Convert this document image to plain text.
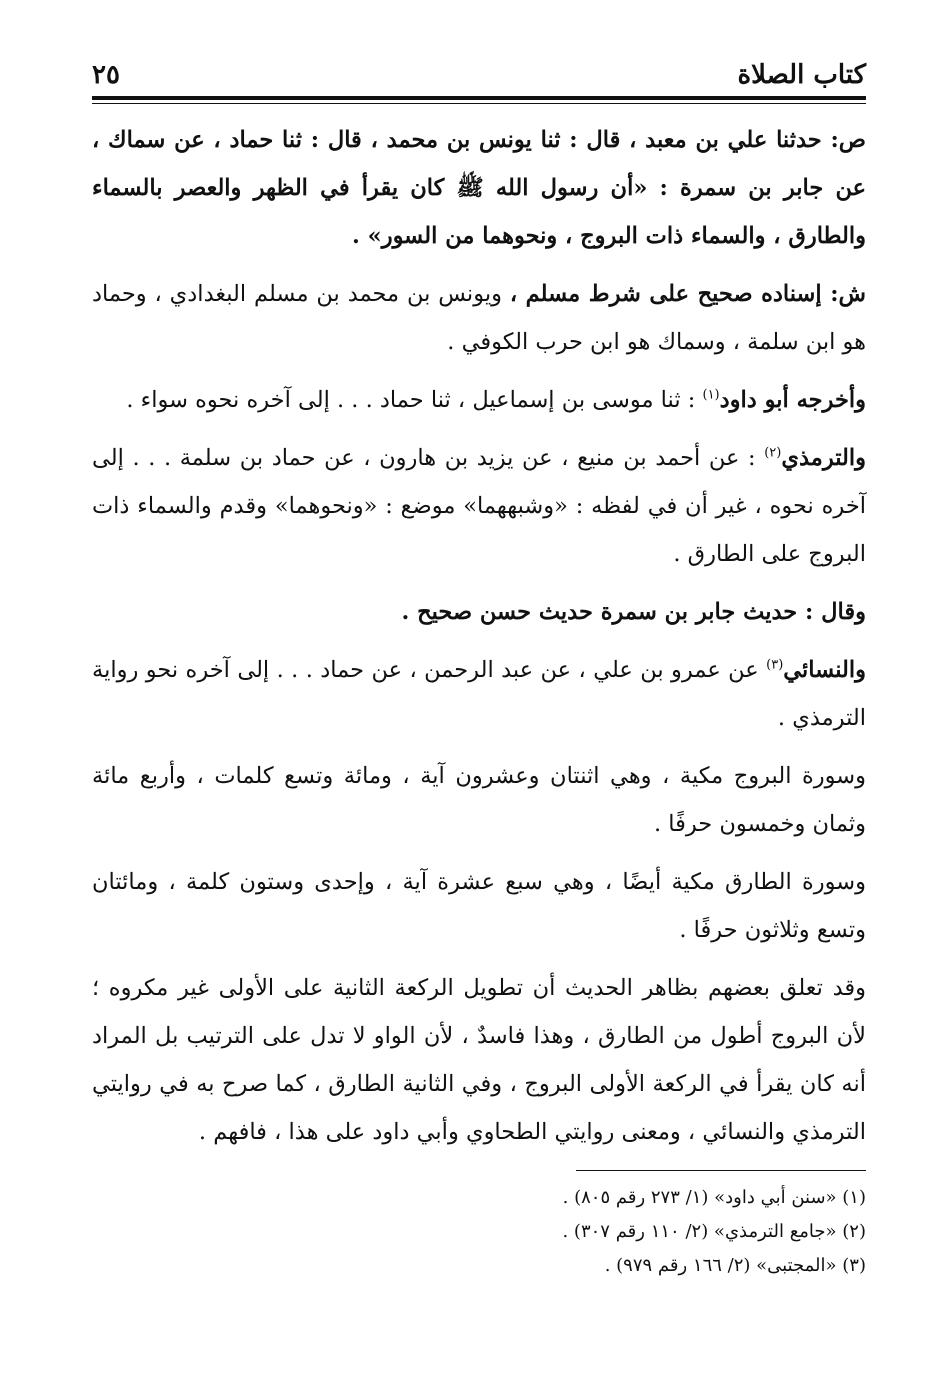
كتاب الصلاة
٢٥

ص: حدثنا علي بن معبد ، قال : ثنا يونس بن محمد ، قال : ثنا حماد ، عن سماك ، عن جابر بن سمرة : «أن رسول الله ﷺ كان يقرأ في الظهر والعصر بالسماء والطارق ، والسماء ذات البروج ، ونحوهما من السور» .

ش: إسناده صحيح على شرط مسلم ، ويونس بن محمد بن مسلم البغدادي ، وحماد هو ابن سلمة ، وسماك هو ابن حرب الكوفي .

وأخرجه أبو داود$^{(١)}$ : ثنا موسى بن إسماعيل ، ثنا حماد . . . إلى آخره نحوه سواء .

والترمذي$^{(٢)}$ : عن أحمد بن منيع ، عن يزيد بن هارون ، عن حماد بن سلمة . . . إلى آخره نحوه ، غير أن في لفظه : «وشبههما» موضع : «ونحوهما» وقدم والسماء ذات البروج على الطارق .

وقال : حديث جابر بن سمرة حديث حسن صحيح .

والنسائي$^{(٣)}$ عن عمرو بن علي ، عن عبد الرحمن ، عن حماد . . . إلى آخره نحو رواية الترمذي .

وسورة البروج مكية ، وهي اثنتان وعشرون آية ، ومائة وتسع كلمات ، وأربع مائة وثمان وخمسون حرفًا .

وسورة الطارق مكية أيضًا ، وهي سبع عشرة آية ، وإحدى وستون كلمة ، ومائتان وتسع وثلاثون حرفًا .

وقد تعلق بعضهم بظاهر الحديث أن تطويل الركعة الثانية على الأولى غير مكروه ؛ لأن البروج أطول من الطارق ، وهذا فاسدٌ ، لأن الواو لا تدل على الترتيب بل المراد أنه كان يقرأ في الركعة الأولى البروج ، وفي الثانية الطارق ، كما صرح به في روايتي الترمذي والنسائي ، ومعنى روايتي الطحاوي وأبي داود على هذا ، فافهم .

(١) «سنن أبي داود» (١/ ٢٧٣ رقم ٨٠٥) .

(٢) «جامع الترمذي» (٢/ ١١٠ رقم ٣٠٧) .

(٣) «المجتبى» (٢/ ١٦٦ رقم ٩٧٩) .
